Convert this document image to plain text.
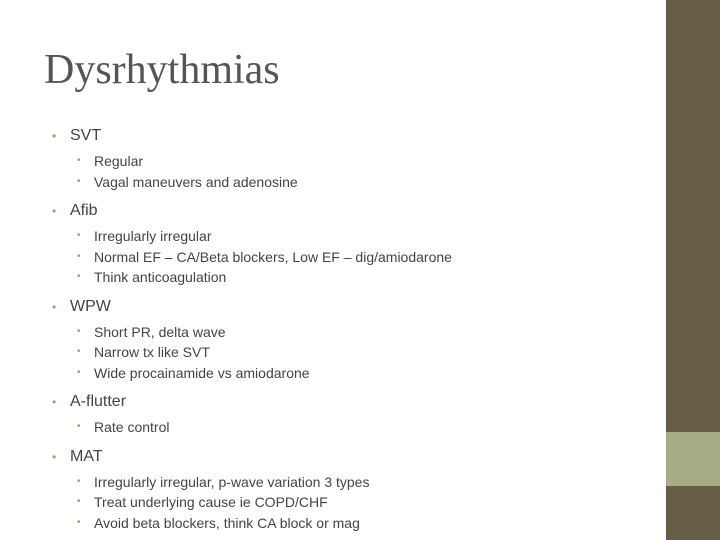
Dysrhythmias
• SVT
• Regular
• Vagal maneuvers and adenosine
• Afib
• Irregularly irregular
• Normal EF – CA/Beta blockers, Low EF – dig/amiodarone
• Think anticoagulation
• WPW
• Short PR, delta wave
• Narrow tx like SVT
• Wide procainamide vs amiodarone
• A-flutter
• Rate control
• MAT
• Irregularly irregular, p-wave variation 3 types
• Treat underlying cause ie COPD/CHF
• Avoid beta blockers, think CA block or mag
